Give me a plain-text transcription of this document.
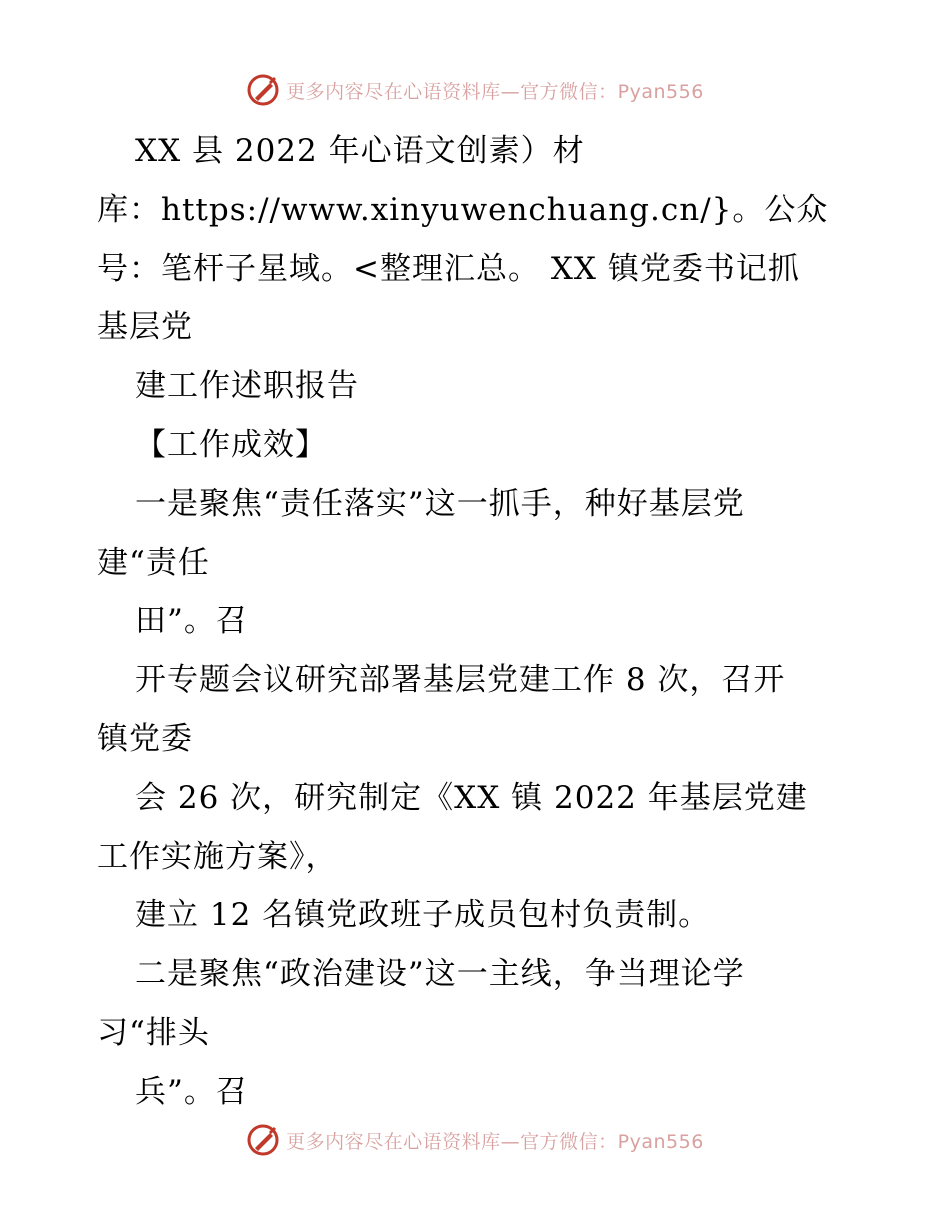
更多内容尽在心语资料库—官方微信：Pyan556
XX 县 2022 年心语文创素）材
库：https://www.xinyuwenchuang.cn/}。公众
号：笔杆子星域。<整理汇总。 XX 镇党委书记抓
基层党
建工作述职报告
【工作成效】
一是聚焦“责任落实”这一抓手，种好基层党
建“责任
田”。召
开专题会议研究部署基层党建工作 8 次，召开
镇党委
会 26 次，研究制定《XX 镇 2022 年基层党建
工作实施方案》，
建立 12 名镇党政班子成员包村负责制。
二是聚焦“政治建设”这一主线，争当理论学
习“排头
兵”。召
更多内容尽在心语资料库—官方微信：Pyan556
